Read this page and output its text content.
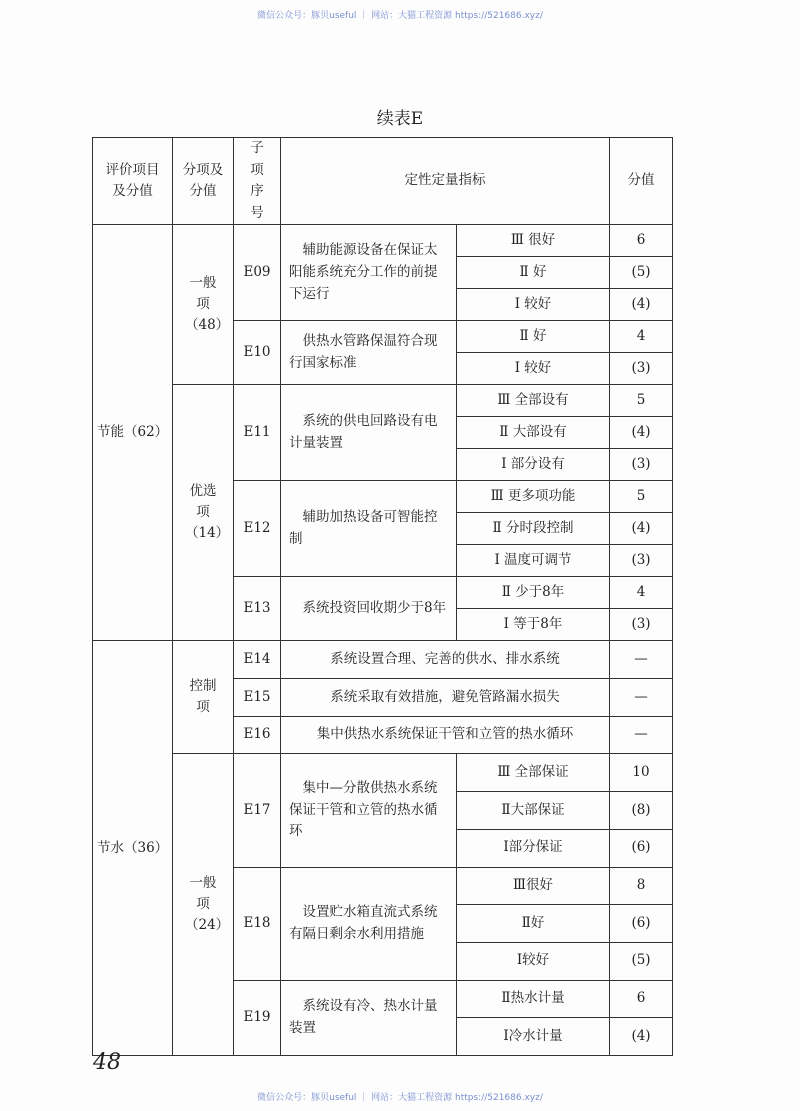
微信公众号：豚贝useful ｜ 网站：大猫工程资源 https://521686.xyz/
续表E
评价项目及分值	分项及分值	子项序号	定性定量指标		分值
节能（62）	一般项（48）	E09	　辅助能源设备在保证太阳能系统充分工作的前提下运行	Ⅲ 很好	6
				Ⅱ 好	(5)
				Ⅰ 较好	(4)
		E10	　供热水管路保温符合现行国家标准	Ⅱ 好	4
				Ⅰ 较好	(3)
	优选项（14）	E11	　系统的供电回路设有电计量装置	Ⅲ 全部设有	5
				Ⅱ 大部设有	(4)
				Ⅰ 部分设有	(3)
		E12	　辅助加热设备可智能控制	Ⅲ 更多项功能	5
				Ⅱ 分时段控制	(4)
				Ⅰ 温度可调节	(3)
		E13	　系统投资回收期少于8年	Ⅱ 少于8年	4
				Ⅰ 等于8年	(3)
节水（36）	控制项	E14	系统设置合理、完善的供水、排水系统		—
		E15	系统采取有效措施，避免管路漏水损失		—
		E16	集中供热水系统保证干管和立管的热水循环		—
	一般项（24）	E17	　集中—分散供热水系统保证干管和立管的热水循环	Ⅲ 全部保证	10
				Ⅱ大部保证	(8)
				Ⅰ部分保证	(6)
		E18	　设置贮水箱直流式系统有隔日剩余水利用措施	Ⅲ很好	8
				Ⅱ好	(6)
				Ⅰ较好	(5)
		E19	　系统设有冷、热水计量装置	Ⅱ热水计量	6
				Ⅰ冷水计量	(4)
48
微信公众号：豚贝useful ｜ 网站：大猫工程资源 https://521686.xyz/
